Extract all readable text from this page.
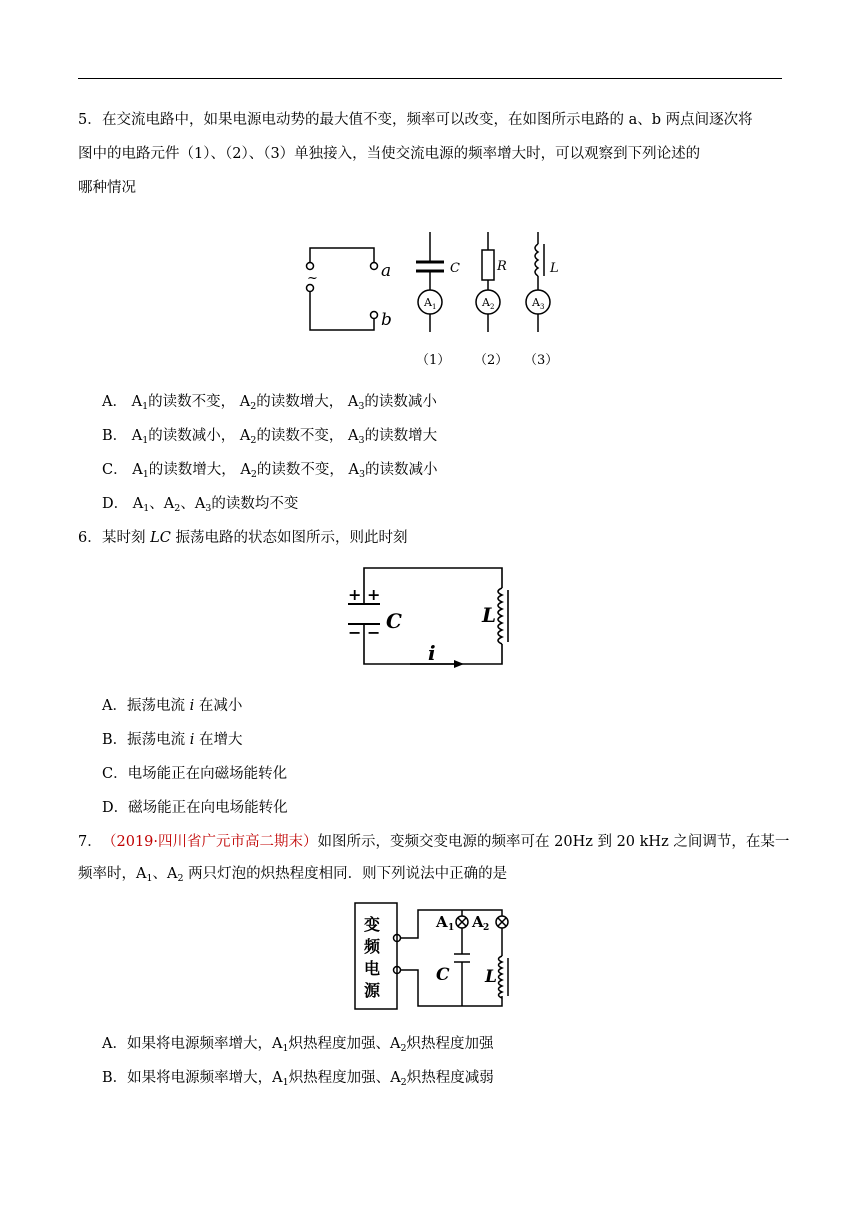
5． 在交流电路中，如果电源电动势的最大值不变，频率可以改变，在如图所示电路的 a、b 两点间逐次将
图中的电路元件（1）、（2）、（3）单独接入，当使交流电源的频率增大时，可以观察到下列论述的
哪种情况
~	a
b
C	R	L
A 1	A 2	A 3
（1） （2） （3）
A． $A_1$的读数不变， $A_2$的读数增大， $A_3$的读数减小
B． $A_1$的读数减小， $A_2$的读数不变， $A_3$的读数增大
C． $A_1$的读数增大， $A_2$的读数不变， $A_3$的读数减小
D． $A_1$、$A_2$、$A_3$的读数均不变
6． 某时刻 LC 振荡电路的状态如图所示，则此时刻
+ +
− − C	L
i
A．振荡电流 i 在减小
B．振荡电流 i 在增大
C．电场能正在向磁场能转化
D．磁场能正在向电场能转化
7． （2019·四川省广元市高二期末）如图所示，变频交变电源的频率可在 20Hz 到 20 kHz 之间调节，在某一
频率时，$A_1$、$A_2$ 两只灯泡的炽热程度相同．则下列说法中正确的是
变
频
电
源
A 1 A 2
C L
A．如果将电源频率增大，$A_1$炽热程度加强、$A_2$炽热程度加强
B．如果将电源频率增大，$A_1$炽热程度加强、$A_2$炽热程度减弱
